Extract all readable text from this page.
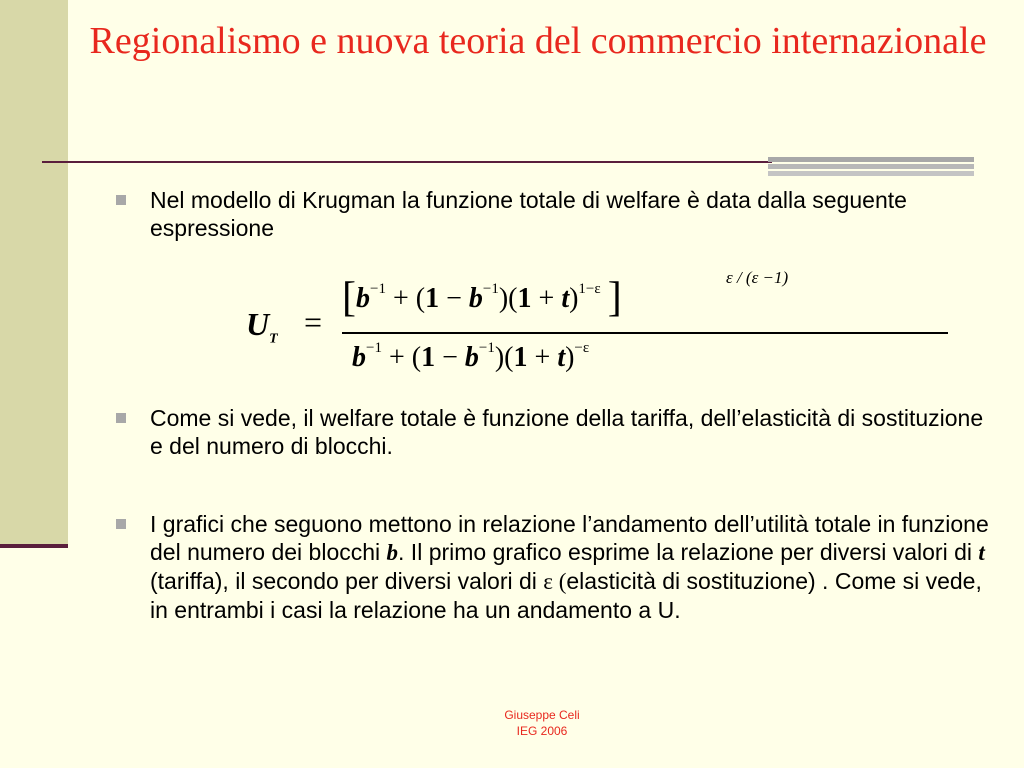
Regionalismo e nuova teoria del commercio internazionale
Nel modello di Krugman la funzione totale di welfare è data dalla seguente espressione
$U_T$ =
[$b^{-1} + (1 - b^{-1})(1 + t)^{1-\varepsilon}$ ]	ε / (ε −1)
$b^{-1} + (1 - b^{-1})(1 + t)^{-\varepsilon}$
Come si vede, il welfare totale è funzione della tariffa, dell’elasticità di sostituzione e del numero di blocchi.
I grafici che seguono mettono in relazione l’andamento dell’utilità totale in funzione del numero dei blocchi b. Il primo grafico esprime la relazione per diversi valori di t (tariffa), il secondo per diversi valori di ε (elasticità di sostituzione) . Come si vede, in entrambi i casi la relazione ha un andamento a U.
Giuseppe Celi
IEG 2006
